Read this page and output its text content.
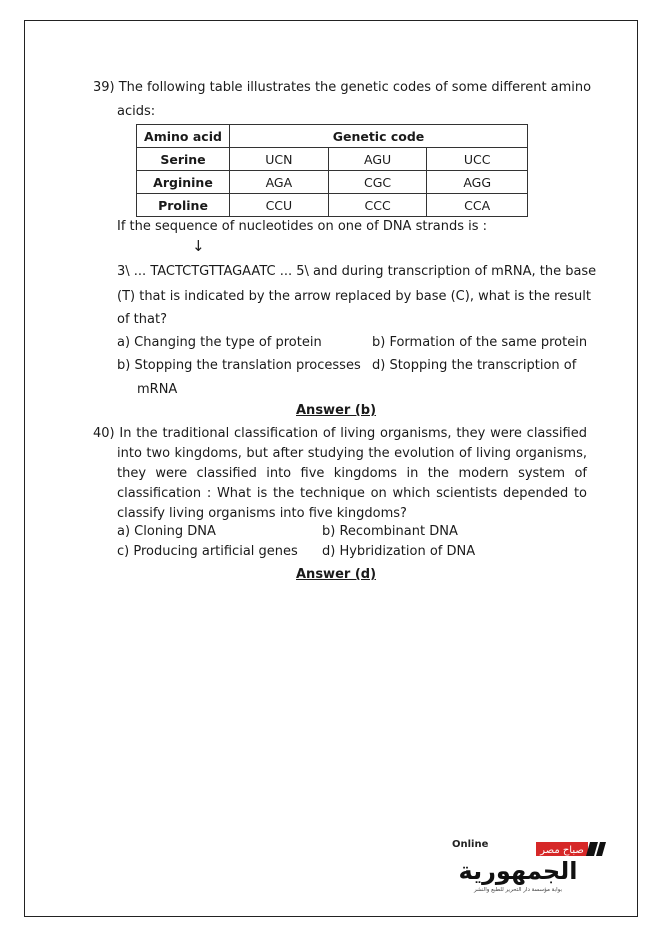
39) The following table illustrates the genetic codes of some different amino
acids:
Amino acid	Genetic code		
Serine	UCN	AGU	UCC
Arginine	AGA	CGC	AGG
Proline	CCU	CCC	CCA
If the sequence of nucleotides on one of DNA strands is :
↓
3\ ... TACTCTGTTAGAATC ... 5\ and during transcription of mRNA, the base
(T) that is indicated by the arrow replaced by base (C), what is the result
of that?
a) Changing the type of protein	b) Formation of the same protein
b) Stopping the translation processes d) Stopping the transcription of
mRNA
Answer (b)
40) In the traditional classification of living organisms, they were classified
into two kingdoms, but after studying the evolution of living organisms,
they were classified into five kingdoms in the modern system of
classification : What is the technique on which scientists depended to
classify living organisms into five kingdoms?
a) Cloning DNA	b) Recombinant DNA
c) Producing artificial genes d) Hybridization of DNA
Answer (d)
Online
صباح مصر
الجمهورية
بوابة مؤسسة دار التحرير للطبع والنشر
